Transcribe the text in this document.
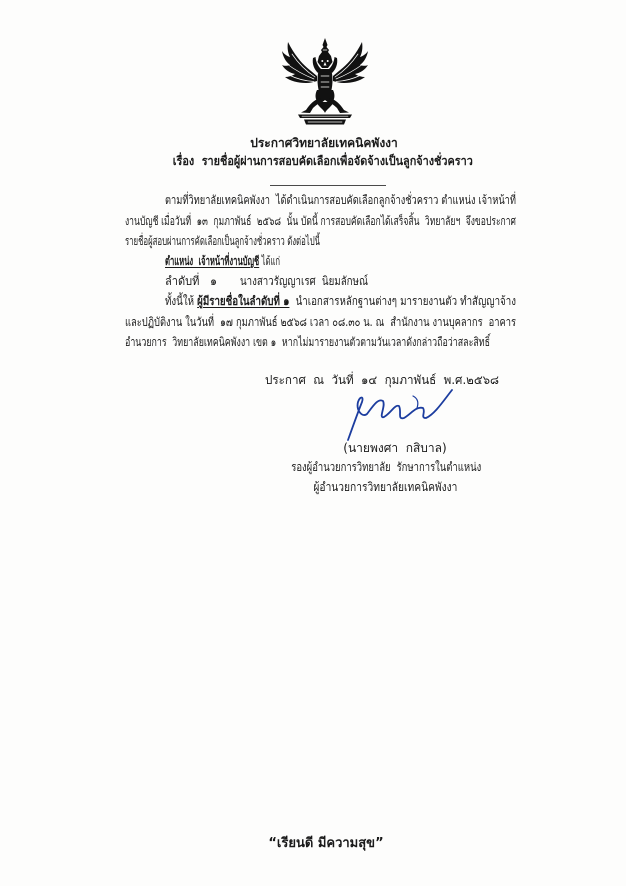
ประกาศวิทยาลัยเทคนิคพังงา
เรื่อง รายชื่อผู้ผ่านการสอบคัดเลือกเพื่อจัดจ้างเป็นลูกจ้างชั่วคราว
ตามที่วิทยาลัยเทคนิคพังงา  ได้ดำเนินการสอบคัดเลือกลูกจ้างชั่วคราว ตำแหน่ง เจ้าหน้าที่
งานบัญชี เมื่อวันที่  ๑๓  กุมภาพันธ์  ๒๕๖๘  นั้น บัดนี้ การสอบคัดเลือกได้เสร็จสิ้น  วิทยาลัยฯ  จึงขอประกาศ
รายชื่อผู้สอบผ่านการคัดเลือกเป็นลูกจ้างชั่วคราว ดังต่อไปนี้
ตำแหน่ง  เจ้าหน้าที่งานบัญชี ได้แก่
ลำดับที่ ๑ นางสาวรัญญาเรศ  นิยมลักษณ์
ทั้งนี้ให้ ผู้มีรายชื่อในลำดับที่ ๑ นำเอกสารหลักฐานต่างๆ มารายงานตัว ทำสัญญาจ้าง
และปฏิบัติงาน ในวันที่  ๑๗ กุมภาพันธ์ ๒๕๖๘ เวลา ๐๘.๓๐ น. ณ  สำนักงาน งานบุคลากร  อาคาร
อำนวยการ  วิทยาลัยเทคนิคพังงา เขต ๑  หากไม่มารายงานตัวตามวันเวลาดังกล่าวถือว่าสละสิทธิ์
ประกาศ  ณ  วันที่  ๑๔  กุมภาพันธ์  พ.ศ.๒๕๖๘
(นายพงศา  กสิบาล)
รองผู้อำนวยการวิทยาลัย  รักษาการในตำแหน่ง
ผู้อำนวยการวิทยาลัยเทคนิคพังงา
“เรียนดี มีความสุข”
